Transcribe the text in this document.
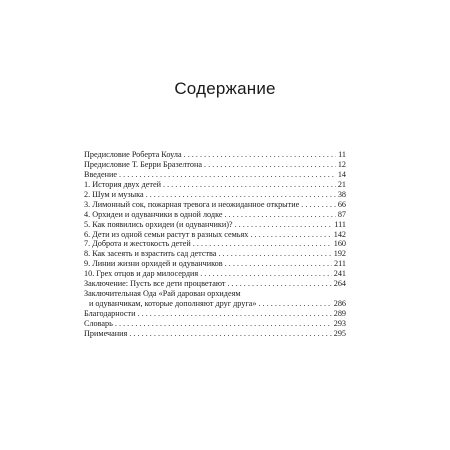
Содержание
Предисловие Роберта Коула . . .	11
Предисловие Т. Берри Бразелтона . . .	12
Введение . . .	14
1. История двух детей . . .	21
2. Шум и музыка . . .	38
3. Лимонный сок, пожарная тревога и неожиданное открытие . . .	66
4. Орхидеи и одуванчики в одной лодке . . .	87
5. Как появились орхидеи (и одуванчики)? . . .	111
6. Дети из одной семьи растут в разных семьях . . .	142
7. Доброта и жестокость детей . . .	160
8. Как засеять и взрастить сад детства . . .	192
9. Линии жизни орхидей и одуванчиков . . .	211
10. Грех отцов и дар милосердия . . .	241
Заключение: Пусть все дети процветают . . .	264
Заключительная Ода «Рай дарован орхидеям
и одуванчикам, которые дополняют друг друга» . . .	286
Благодарности . . .	289
Словарь . . .	293
Примечания . . .	295
